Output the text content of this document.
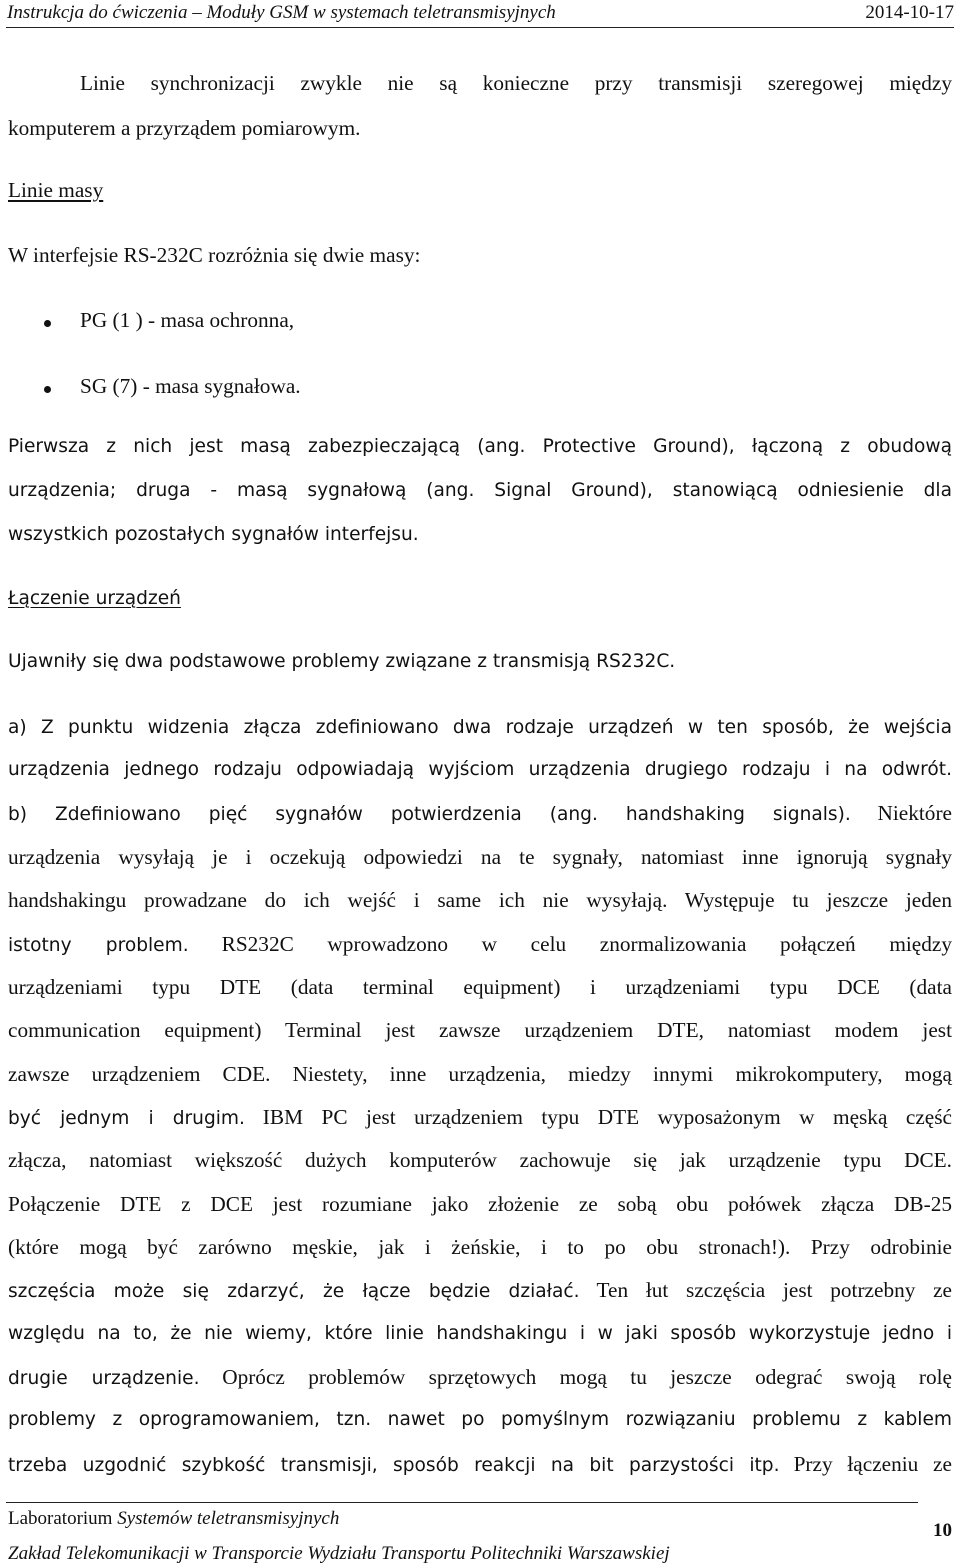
Instrukcja do ćwiczenia – Moduły GSM w systemach teletransmisyjnych	2014-10-17
Linie synchronizacji zwykle nie są konieczne przy transmisji szeregowej między
komputerem a przyrządem pomiarowym.
Linie masy
W interfejsie RS-232C rozróżnia się dwie masy:
PG (1 ) - masa ochronna,
SG (7) - masa sygnałowa.
Pierwsza z nich jest masą zabezpieczającą (ang. Protective Ground), łączoną z obudową
urządzenia; druga - masą sygnałową (ang. Signal Ground), stanowiącą odniesienie dla
wszystkich pozostałych sygnałów interfejsu.
Łączenie urządzeń
Ujawniły się dwa podstawowe problemy związane z transmisją RS232C.
a) Z punktu widzenia złącza zdefiniowano dwa rodzaje urządzeń w ten sposób, że wejścia
urządzenia jednego rodzaju odpowiadają wyjściom urządzenia drugiego rodzaju i na odwrót.
b) Zdefiniowano pięć sygnałów potwierdzenia (ang. handshaking signals). Niektóre
urządzenia wysyłają je i oczekują odpowiedzi na te sygnały, natomiast inne ignorują sygnały
handshakingu prowadzane do ich wejść i same ich nie wysyłają. Występuje tu jeszcze jeden
istotny problem. RS232C wprowadzono w celu znormalizowania połączeń między
urządzeniami typu DTE (data terminal equipment) i urządzeniami typu DCE (data
communication equipment) Terminal jest zawsze urządzeniem DTE, natomiast modem jest
zawsze urządzeniem CDE. Niestety, inne urządzenia, miedzy innymi mikrokomputery, mogą
być jednym i drugim. IBM PC jest urządzeniem typu DTE wyposażonym w męską część
złącza, natomiast większość dużych komputerów zachowuje się jak urządzenie typu DCE.
Połączenie DTE z DCE jest rozumiane jako złożenie ze sobą obu połówek złącza DB-25
(które mogą być zarówno męskie, jak i żeńskie, i to po obu stronach!). Przy odrobinie
szczęścia może się zdarzyć, że łącze będzie działać. Ten łut szczęścia jest potrzebny ze
względu na to, że nie wiemy, które linie handshakingu i w jaki sposób wykorzystuje jedno i
drugie urządzenie. Oprócz problemów sprzętowych mogą tu jeszcze odegrać swoją rolę
problemy z oprogramowaniem, tzn. nawet po pomyślnym rozwiązaniu problemu z kablem
trzeba uzgodnić szybkość transmisji, sposób reakcji na bit parzystości itp. Przy łączeniu ze
Laboratorium Systemów teletransmisyjnych
10
Zakład Telekomunikacji w Transporcie Wydziału Transportu Politechniki Warszawskiej
